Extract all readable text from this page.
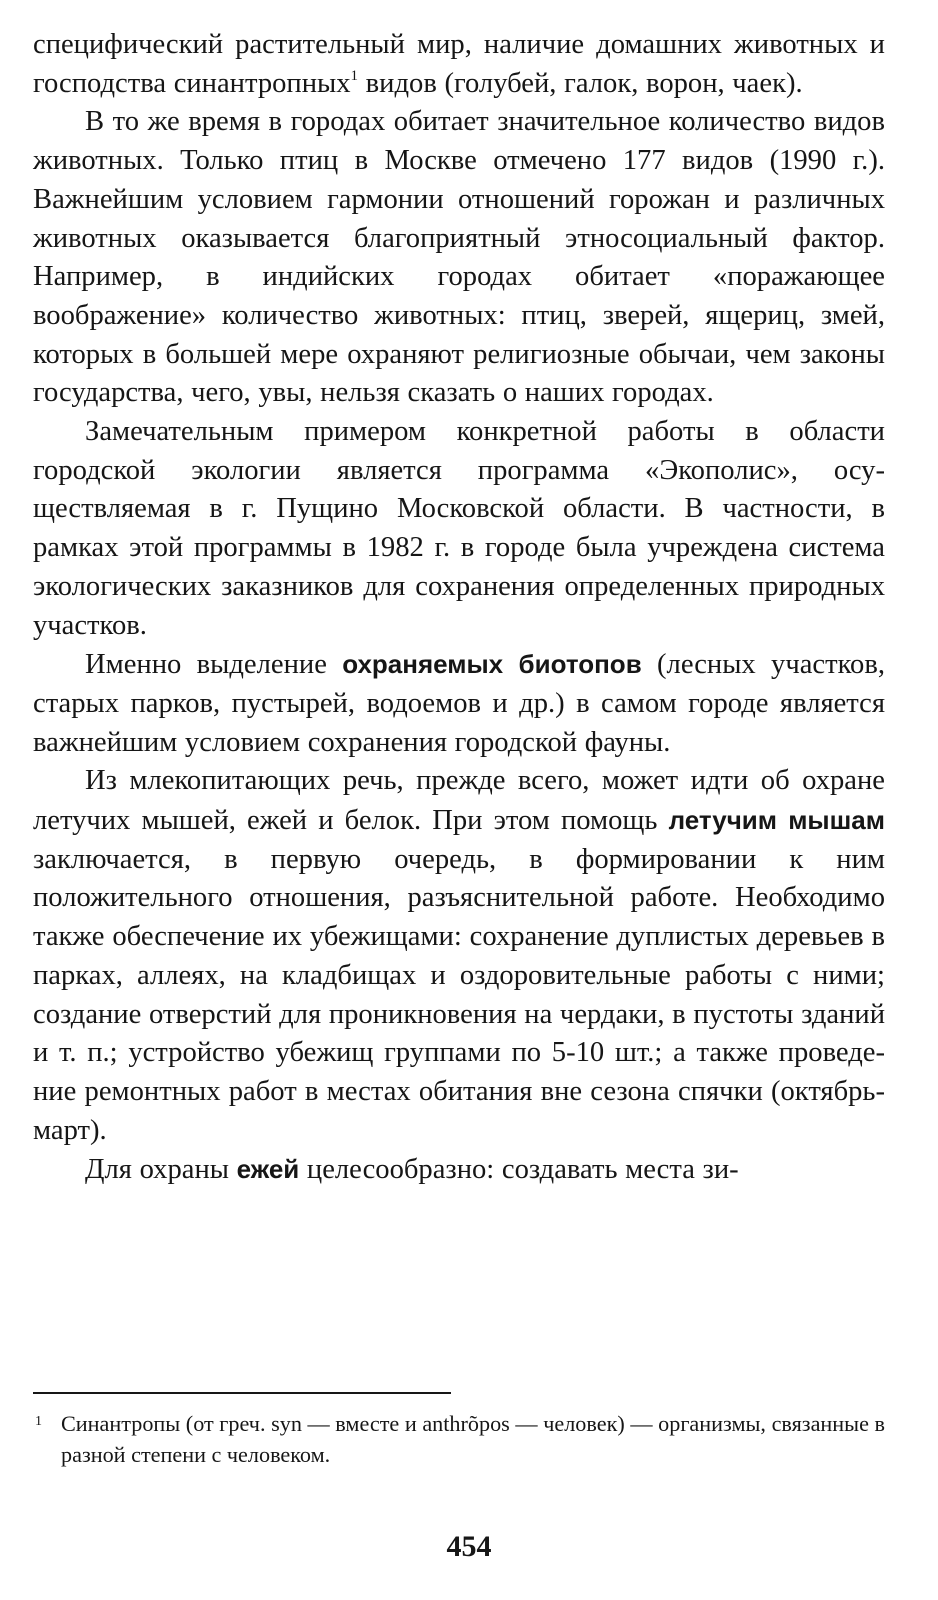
специфический растительный мир, наличие домашних животных и господства синантропных$^1$ видов (голубей, галок, ворон, чаек).

В то же время в городах обитает значительное количество видов животных. Только птиц в Москве отмечено 177 видов (1990 г.). Важнейшим условием гармонии отношений горожан и различных животных оказывается благоприятный этносоциальный фактор. Например, в индийских городах обитает «поражающее воображение» количество животных: птиц, зверей, ящериц, змей, которых в большей мере охраняют религиозные обычаи, чем законы государства, чего, увы, нельзя сказать о наших городах.

Замечательным примером конкретной работы в области городской экологии является программа «Экополис», осуществляемая в г. Пущино Московской области. В частности, в рамках этой программы в 1982 г. в городе была учреждена система экологических заказников для сохранения определенных природных участков.

Именно выделение охраняемых биотопов (лесных участков, старых парков, пустырей, водоемов и др.) в самом городе является важнейшим условием сохранения городской фауны.

Из млекопитающих речь, прежде всего, может идти об охране летучих мышей, ежей и белок. При этом помощь летучим мышам заключается, в первую очередь, в формировании к ним положительного отношения, разъяснительной работе. Необходимо также обеспечение их убежищами: сохранение дуплистых деревьев в парках, аллеях, на кладбищах и оздоровительные работы с ними; создание отверстий для проникновения на чердаки, в пустоты зданий и т. п.; устройство убежищ группами по 5-10 шт.; а также проведение ремонтных работ в местах обитания вне сезона спячки (октябрь-март).

Для охраны ежей целесообразно: создавать места зи-

1 Синантропы (от греч. syn — вместе и anthrõpos — человек) — организмы, связанные в разной степени с человеком.
454
